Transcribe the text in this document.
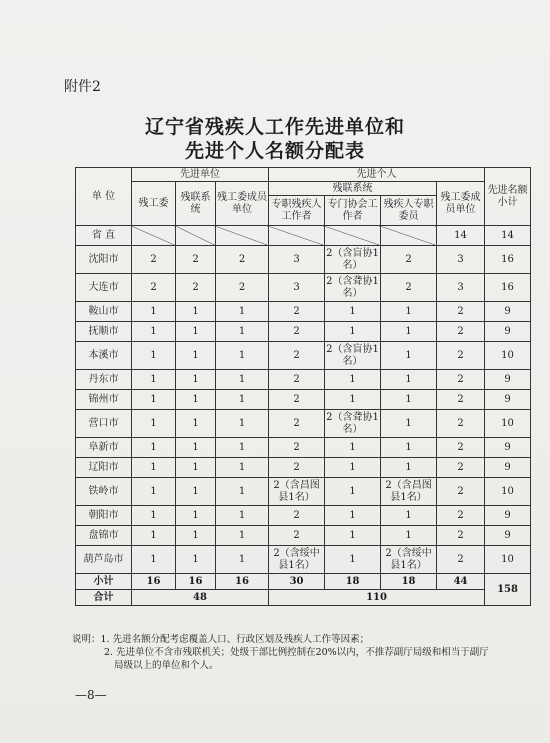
附件2
辽宁省残疾人工作先进单位和
先进个人名额分配表
单 位	先进单位			先进个人				先进名额小计
	残工委	残联系统	残工委成员单位	残联系统			残工委成员单位	
				专职残疾人工作者	专门协会工作者	残疾人专职委员		
省 直							14	14
沈阳市	2	2	2	3	2（含盲协1名）	2	3	16
大连市	2	2	2	3	2（含聋协1名）	2	3	16
鞍山市	1	1	1	2	1	1	2	9
抚顺市	1	1	1	2	1	1	2	9
本溪市	1	1	1	2	2（含盲协1名）	1	2	10
丹东市	1	1	1	2	1	1	2	9
锦州市	1	1	1	2	1	1	2	9
营口市	1	1	1	2	2（含聋协1名）	1	2	10
阜新市	1	1	1	2	1	1	2	9
辽阳市	1	1	1	2	1	1	2	9
铁岭市	1	1	1	2（含昌图县1名）	1	2（含昌图县1名）	2	10
朝阳市	1	1	1	2	1	1	2	9
盘锦市	1	1	1	2	1	1	2	9
葫芦岛市	1	1	1	2（含绥中县1名）	1	2（含绥中县1名）	2	10
小计	16	16	16	30	18	18	44	158
合计	48			110				
说明：1. 先进名额分配考虑覆盖人口、行政区划及残疾人工作等因素；
2. 先进单位不含市残联机关；处级干部比例控制在20%以内，不推荐副厅局级和相当于副厅
局级以上的单位和个人。
—8—
